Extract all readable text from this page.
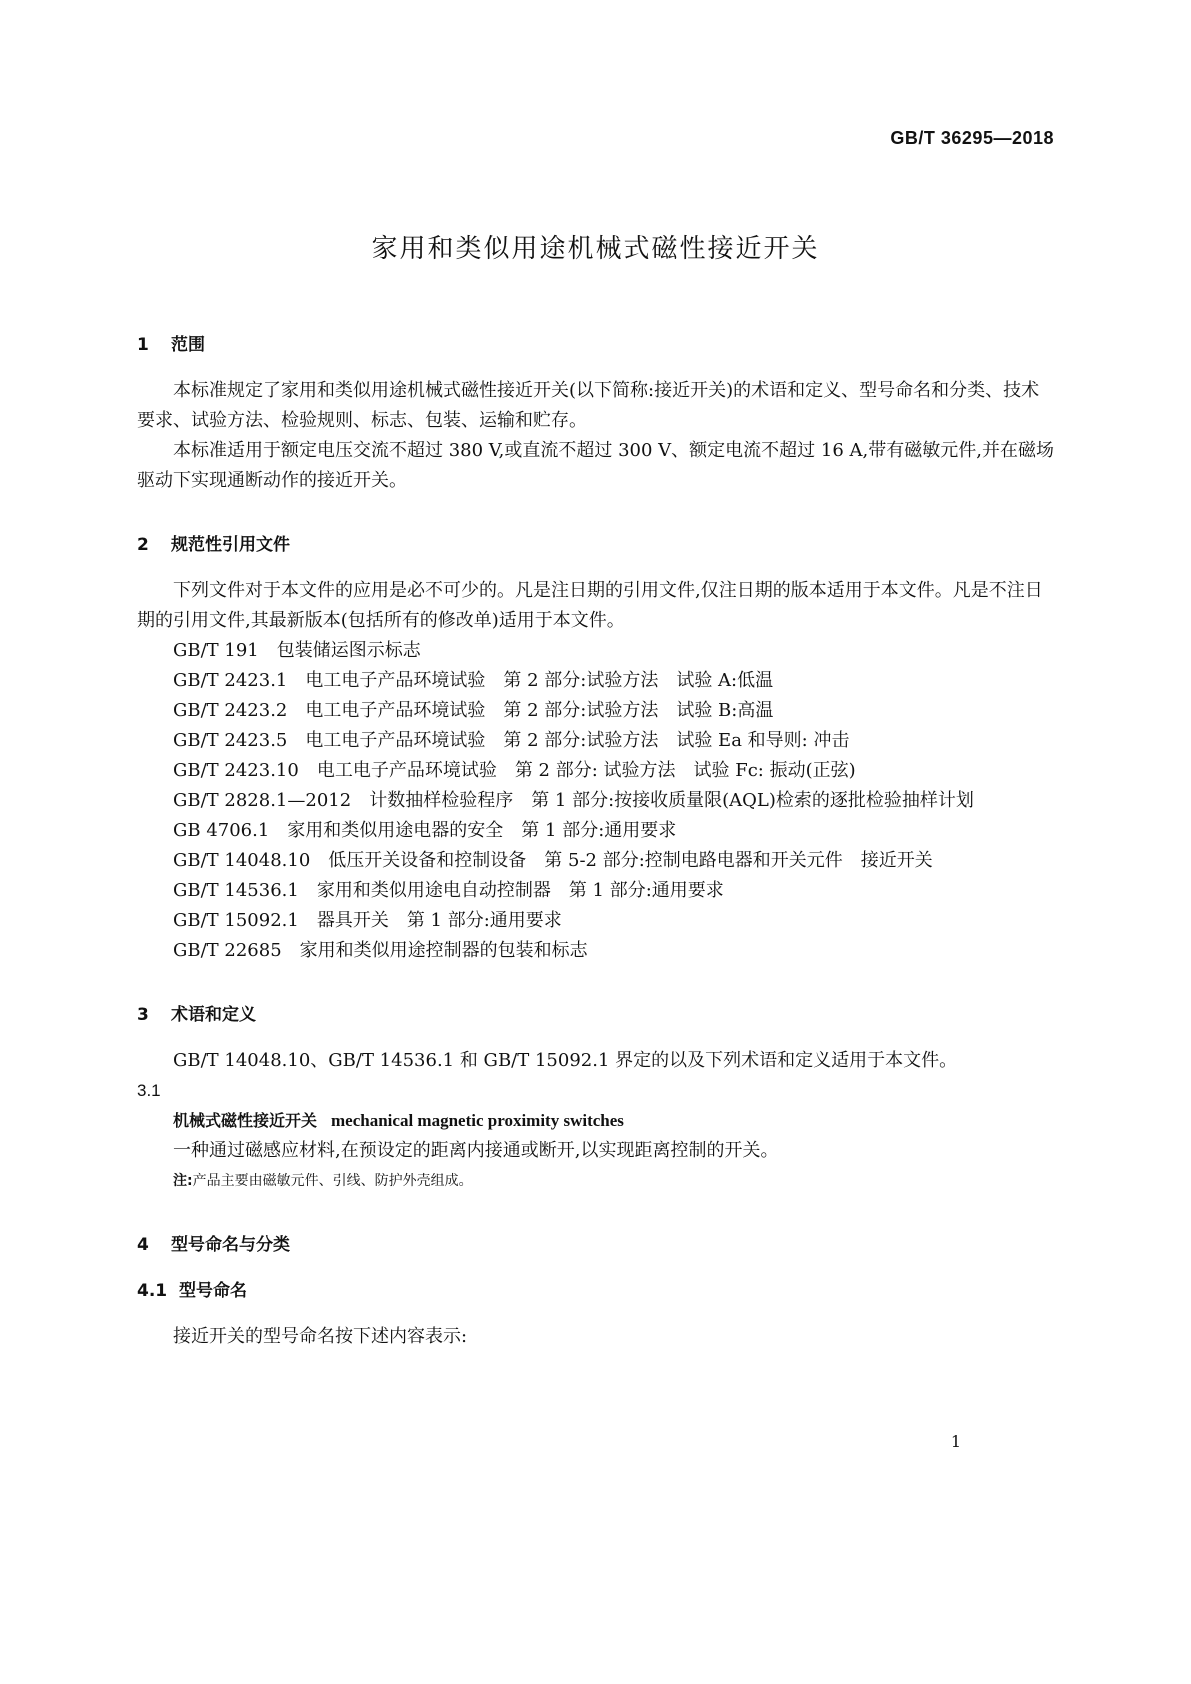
GB/T 36295—2018
家用和类似用途机械式磁性接近开关
1 范围

本标准规定了家用和类似用途机械式磁性接近开关(以下简称:接近开关)的术语和定义、型号命名和分类、技术要求、试验方法、检验规则、标志、包装、运输和贮存。

本标准适用于额定电压交流不超过 380 V,或直流不超过 300 V、额定电流不超过 16 A,带有磁敏元件,并在磁场驱动下实现通断动作的接近开关。

2 规范性引用文件

下列文件对于本文件的应用是必不可少的。凡是注日期的引用文件,仅注日期的版本适用于本文件。凡是不注日期的引用文件,其最新版本(包括所有的修改单)适用于本文件。

GB/T 191　包装储运图示标志

GB/T 2423.1　电工电子产品环境试验　第 2 部分:试验方法　试验 A:低温

GB/T 2423.2　电工电子产品环境试验　第 2 部分:试验方法　试验 B:高温

GB/T 2423.5　电工电子产品环境试验　第 2 部分:试验方法　试验 Ea 和导则: 冲击

GB/T 2423.10　电工电子产品环境试验　第 2 部分: 试验方法　试验 Fc: 振动(正弦)

GB/T 2828.1—2012　计数抽样检验程序　第 1 部分:按接收质量限(AQL)检索的逐批检验抽样计划

GB 4706.1　家用和类似用途电器的安全　第 1 部分:通用要求

GB/T 14048.10　低压开关设备和控制设备　第 5-2 部分:控制电路电器和开关元件　接近开关

GB/T 14536.1　家用和类似用途电自动控制器　第 1 部分:通用要求

GB/T 15092.1　器具开关　第 1 部分:通用要求

GB/T 22685　家用和类似用途控制器的包装和标志

3 术语和定义

GB/T 14048.10、GB/T 14536.1 和 GB/T 15092.1 界定的以及下列术语和定义适用于本文件。

3.1
机械式磁性接近开关 mechanical magnetic proximity switches

一种通过磁感应材料,在预设定的距离内接通或断开,以实现距离控制的开关。

注:产品主要由磁敏元件、引线、防护外壳组成。

4 型号命名与分类
4.1 型号命名

接近开关的型号命名按下述内容表示:

1
